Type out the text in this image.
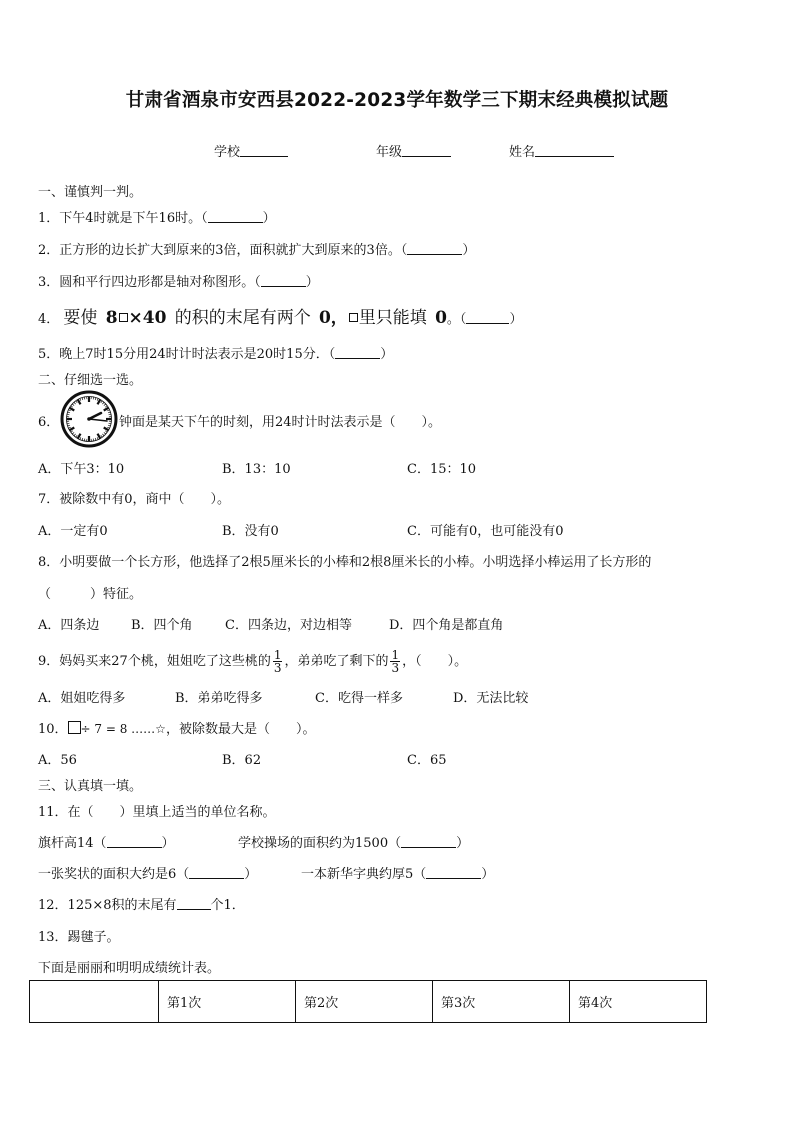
甘肃省酒泉市安西县2022-2023学年数学三下期末经典模拟试题
学校	年级	姓名
一、谨慎判一判。
1．下午4时就是下午16时。（	）
2．正方形的边长扩大到原来的3倍，面积就扩大到原来的3倍。（	）
3．圆和平行四边形都是轴对称图形。（	）
4． 要使 8 ×40 的积的末尾有两个 0， 里只能填 0。（	）
5．晚上7时15分用24时计时法表示是20时15分．（	）
二、仔细选一选。
6．	钟面是某天下午的时刻，用24时计时法表示是（　　）。
A．下午3：10	B．13：10	C．15：10
7．被除数中有0，商中（　　）。
A．一定有0	B．没有0	C．可能有0，也可能没有0
8．小明要做一个长方形，他选择了2根5厘米长的小棒和2根8厘米长的小棒。小明选择小棒运用了长方形的
（　　　）特征。
A．四条边 B．四个角 C．四条边，对边相等	D．四个角是都直角
9．妈妈买来27个桃，姐姐吃了这些桃的 $\frac{1}{3}$ ，弟弟吃了剩下的 $\frac{1}{3}$ ，（　　）。
A．姐姐吃得多	B．弟弟吃得多	C．吃得一样多	D．无法比较
10． ÷ 7 = 8 ……☆，被除数最大是（　　）。
A．56	B．62	C．65
三、认真填一填。
11．在（　　）里填上适当的单位名称。
旗杆高14（	）	学校操场的面积约为1500（	）
一张奖状的面积大约是6（	）	一本新华字典约厚5（	）
12．125×8积的末尾有	个1．
13．踢毽子。
下面是丽丽和明明成绩统计表。
	第1次	第2次	第3次	第4次
